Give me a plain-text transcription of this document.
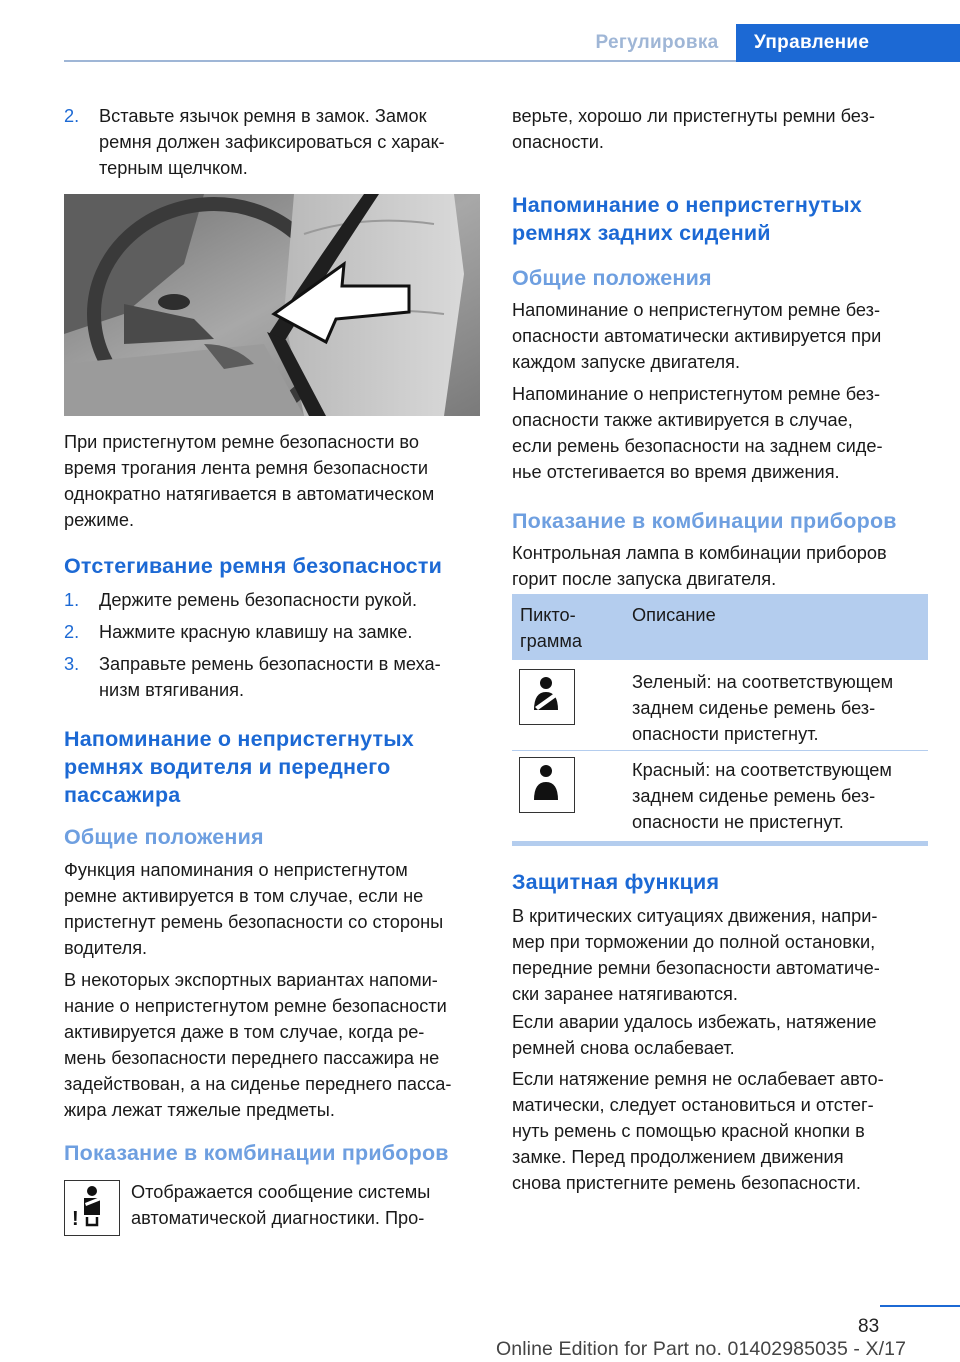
Регулировка	Управление
2. Вставьте язычок ремня в замок. Замок
ремня должен зафиксироваться с харак‐
терным щелчком.
При пристегнутом ремне безопасности во
время трогания лента ремня безопасности
однократно натягивается в автоматическом
режиме.
Отстегивание ремня безопасности
1. Держите ремень безопасности рукой.
2. Нажмите красную клавишу на замке.
3. Заправьте ремень безопасности в меха‐
низм втягивания.
Напоминание о непристегнутых
ремнях водителя и переднего
пассажира
Общие положения
Функция напоминания о непристегнутом
ремне активируется в том случае, если не
пристегнут ремень безопасности со стороны
водителя.
В некоторых экспортных вариантах напоми‐
нание о непристегнутом ремне безопасности
активируется даже в том случае, когда ре‐
мень безопасности переднего пассажира не
задействован, а на сиденье переднего пасса‐
жира лежат тяжелые предметы.
Показание в комбинации приборов
!
Отображается сообщение системы
автоматической диагностики. Про‐
верьте, хорошо ли пристегнуты ремни без‐
опасности.
Напоминание о непристегнутых
ремнях задних сидений
Общие положения
Напоминание о непристегнутом ремне без‐
опасности автоматически активируется при
каждом запуске двигателя.
Напоминание о непристегнутом ремне без‐
опасности также активируется в случае,
если ремень безопасности на заднем сиде‐
нье отстегивается во время движения.
Показание в комбинации приборов
Контрольная лампа в комбинации приборов
горит после запуска двигателя.
Пикто‐
грамма
Описание
Зеленый: на соответствующем
заднем сиденье ремень без‐
опасности пристегнут.
Красный: на соответствующем
заднем сиденье ремень без‐
опасности не пристегнут.
Защитная функция
В критических ситуациях движения, напри‐
мер при торможении до полной остановки,
передние ремни безопасности автоматиче‐
ски заранее натягиваются.
Если аварии удалось избежать, натяжение
ремней снова ослабевает.
Если натяжение ремня не ослабевает авто‐
матически, следует остановиться и отстег‐
нуть ремень с помощью красной кнопки в
замке. Перед продолжением движения
снова пристегните ремень безопасности.
83
Online Edition for Part no. 01402985035 - X/17
